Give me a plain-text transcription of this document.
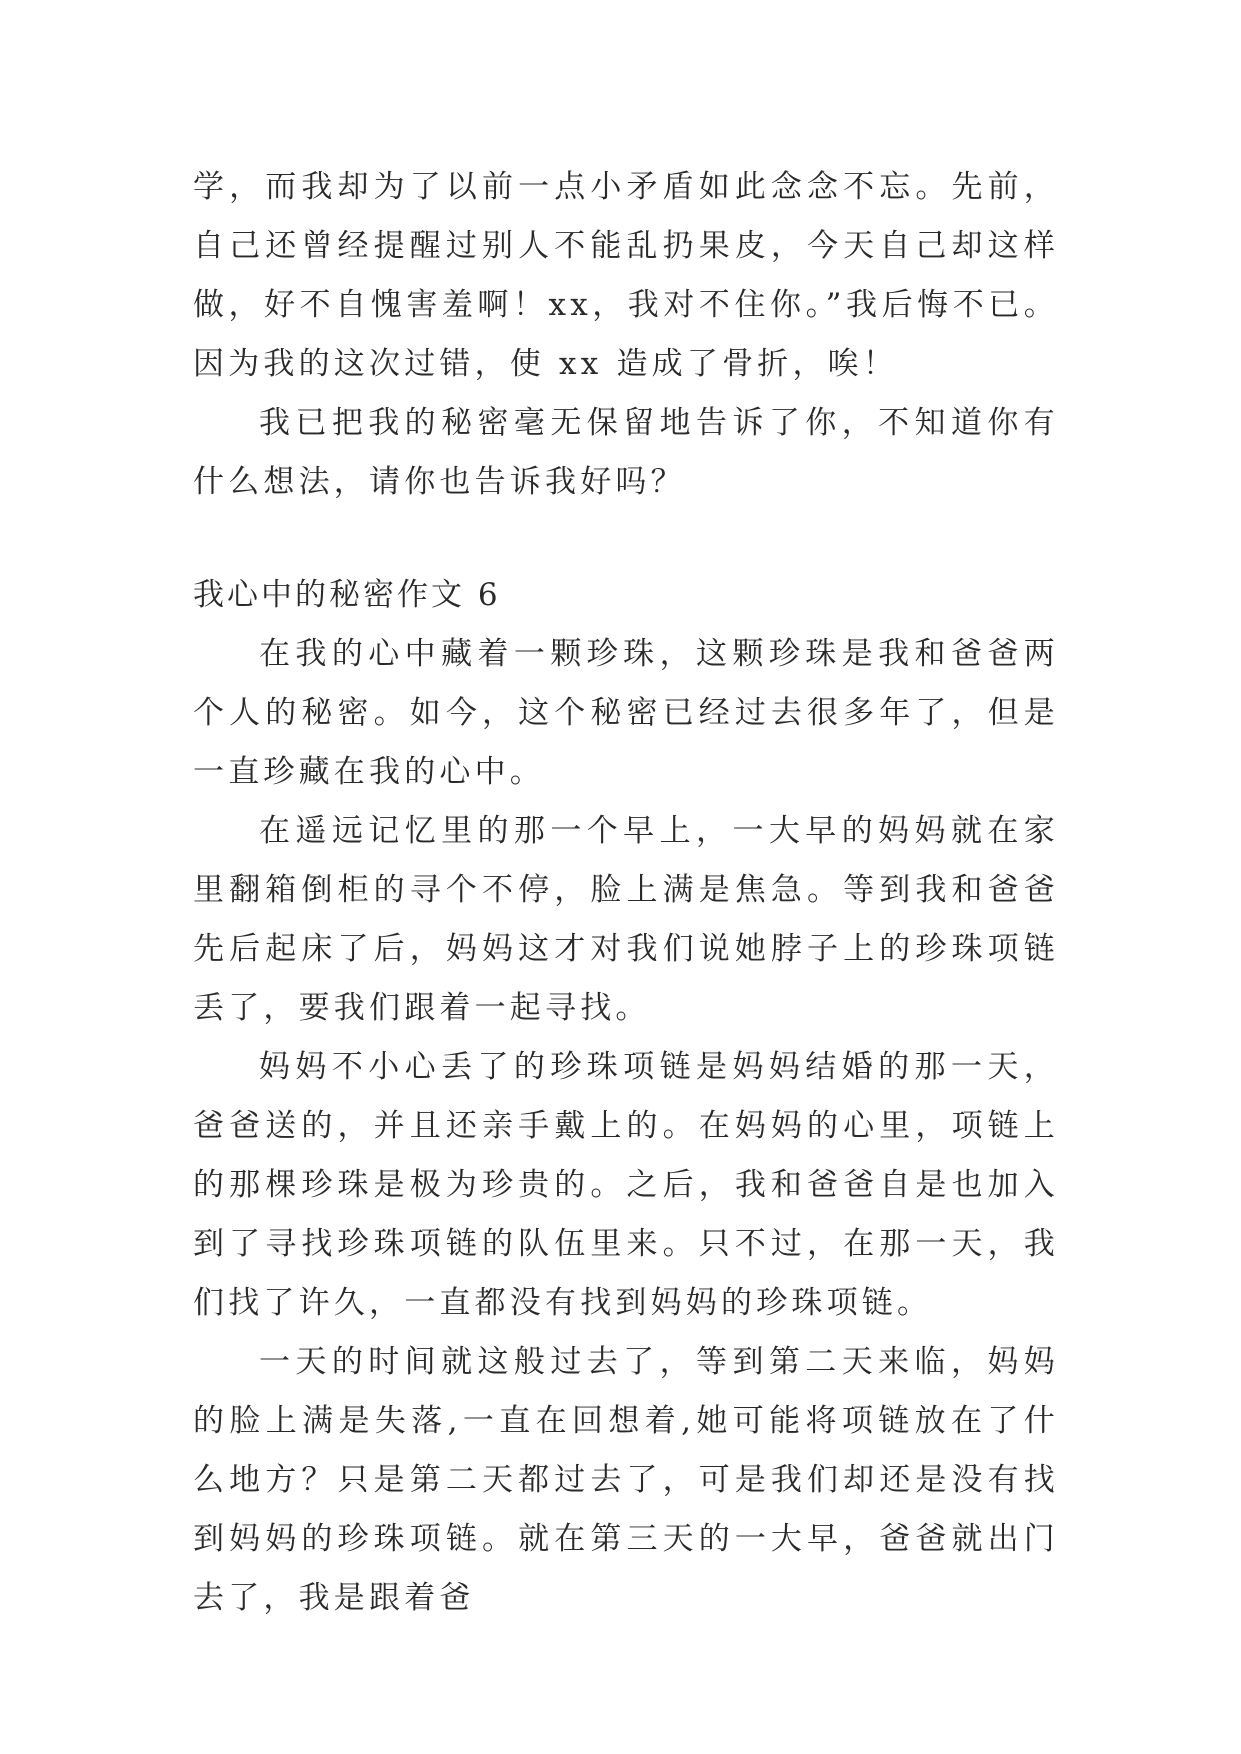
学，而我却为了以前一点小矛盾如此念念不忘。先前，自己还曾经提醒过别人不能乱扔果皮，今天自己却这样做，好不自愧害羞啊！xx，我对不住你。”我后悔不已。因为我的这次过错，使 xx 造成了骨折，唉！

我已把我的秘密毫无保留地告诉了你，不知道你有什么想法，请你也告诉我好吗？

我心中的秘密作文 6

在我的心中藏着一颗珍珠，这颗珍珠是我和爸爸两个人的秘密。如今，这个秘密已经过去很多年了，但是一直珍藏在我的心中。

在遥远记忆里的那一个早上，一大早的妈妈就在家里翻箱倒柜的寻个不停，脸上满是焦急。等到我和爸爸先后起床了后，妈妈这才对我们说她脖子上的珍珠项链丢了，要我们跟着一起寻找。

妈妈不小心丢了的珍珠项链是妈妈结婚的那一天，爸爸送的，并且还亲手戴上的。在妈妈的心里，项链上的那棵珍珠是极为珍贵的。之后，我和爸爸自是也加入到了寻找珍珠项链的队伍里来。只不过，在那一天，我们找了许久，一直都没有找到妈妈的珍珠项链。

一天的时间就这般过去了，等到第二天来临，妈妈的脸上满是失落,一直在回想着,她可能将项链放在了什么地方？只是第二天都过去了，可是我们却还是没有找到妈妈的珍珠项链。就在第三天的一大早，爸爸就出门去了，我是跟着爸
